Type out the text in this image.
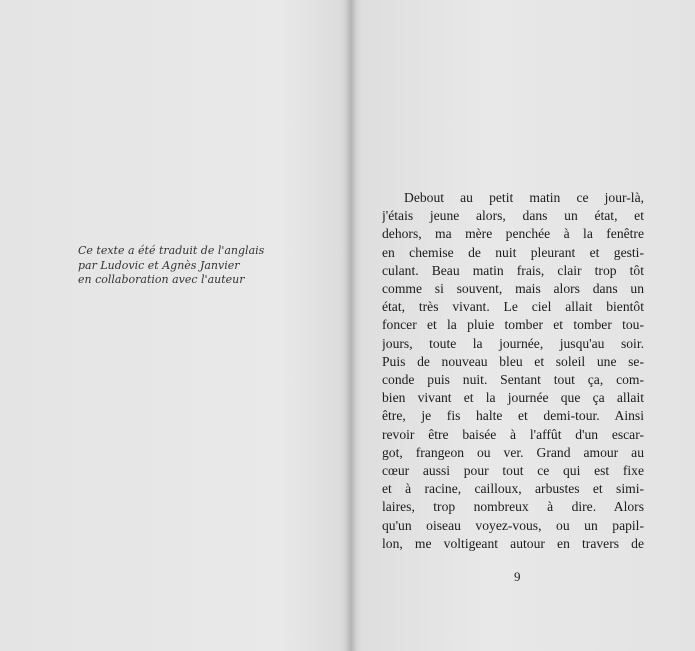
Ce texte a été traduit de l'anglais
par Ludovic et Agnès Janvier
en collaboration avec l'auteur
Debout au petit matin ce jour-là,
j'étais jeune alors, dans un état, et
dehors, ma mère penchée à la fenêtre
en chemise de nuit pleurant et gesti-
culant. Beau matin frais, clair trop tôt
comme si souvent, mais alors dans un
état, très vivant. Le ciel allait bientôt
foncer et la pluie tomber et tomber tou-
jours, toute la journée, jusqu'au soir.
Puis de nouveau bleu et soleil une se-
conde puis nuit. Sentant tout ça, com-
bien vivant et la journée que ça allait
être, je fis halte et demi-tour. Ainsi
revoir être baisée à l'affût d'un escar-
got, frangeon ou ver. Grand amour au
cœur aussi pour tout ce qui est fixe
et à racine, cailloux, arbustes et simi-
laires, trop nombreux à dire. Alors
qu'un oiseau voyez-vous, ou un papil-
lon, me voltigeant autour en travers de
9
